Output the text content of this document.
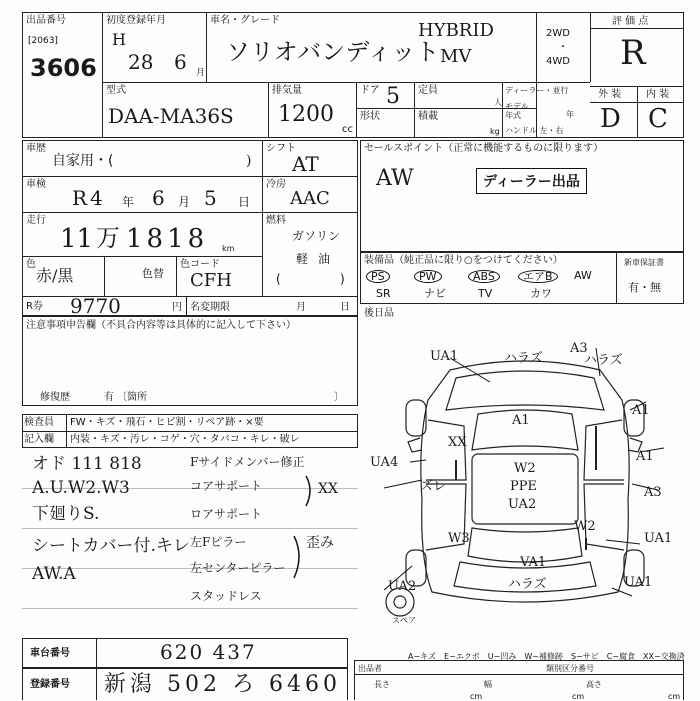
出品番号
[2063]
3606
初度登録年月
H
28 6 月
車名・グレード
ソリオバンディット
HYBRID
MV
2WD
・
4WD
評 価 点
R
外 装 内 装
D C
型式
DAA-MA36S
排気量
1200
cc
ドア 5
形状
定員
人
積載
kg
ディーラー・並行
モデル年式	年
ハンドル 左・右
車歴
自家用・(	)
車検
R 4 年 6 月 5 日
走行
11 万 1818 km
色
赤/黒	色替
色コード
CFH
シフト
AT
冷房
AAC
燃料
ガソリン
軽 油
(	)
R券 9770	円 名変期限	月	日
セールスポイント（正常に機能するものに限ります）
AW	ディーラー出品
装備品（純正品に限り○をつけてください）	新車保証書
有・無
後日品
注意事項申告欄（不具合内容等は具体的に記入して下さい）
修復歴	有 〔箇所	〕
検査員
記入欄
FW・キズ・飛石・ヒビ割・リペア跡・×要
内装・キズ・汚レ・コゲ・穴・タバコ・キレ・破レ
XX
歪み
スペア
A−キズ　E−エクボ　U−凹み　W−補修跡　S−サビ　C−腐食　XX−交換済
車台番号	620 437
登録番号 新潟 502 ろ 6460
出品者	類別区分番号
長さ	幅	高さ
cm	cm	cm
PS	PW	ABS	エアB	AW
SR	ナビ	TV	カワ
オド 111 818
A.U.W2.W3
下廻りS.
シートカバー付.キレ
AW.A
Fサイドメンバー修正
コアサポート
ロアサポート
左Fピラー
左センターピラー
スタッドレス
UA1	ハラズ
A3
ハラズ
A1
A1
XX
A1
UA4	W2
PPE
ズレ
UA2
A3
W3
W2
UA1
VA1
UA1
ハラズ
UA2
